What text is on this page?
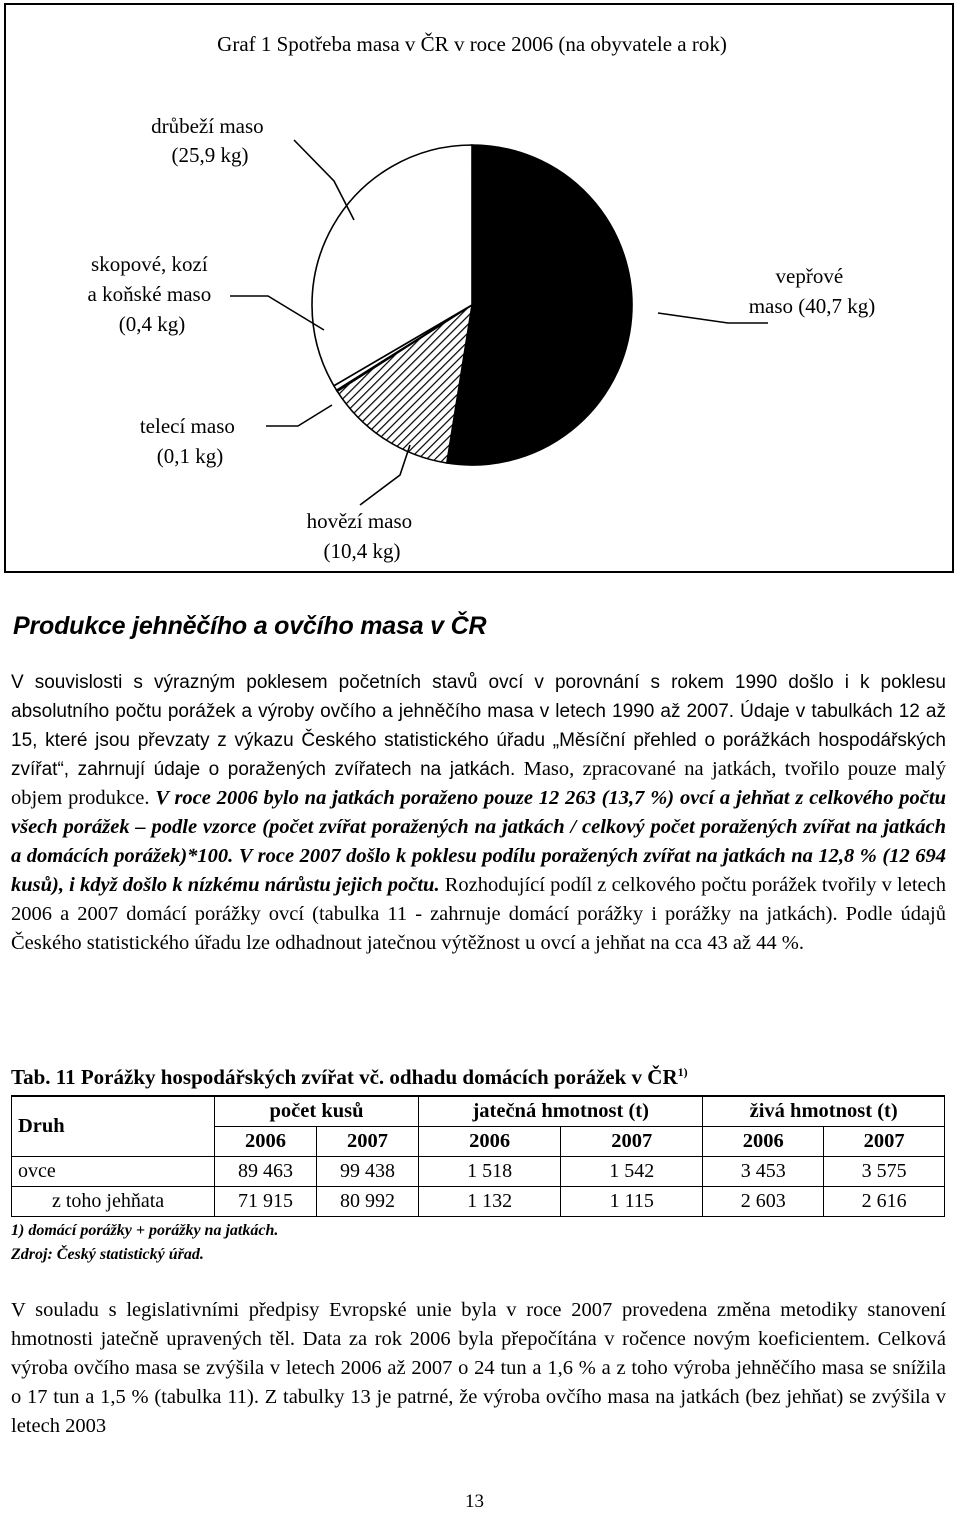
Graf 1 Spotřeba masa v ČR v roce 2006 (na obyvatele a rok)
drůbeží maso (25,9 kg)
skopové, kozí a koňské maso (0,4 kg)
vepřové maso (40,7 kg)
telecí maso (0,1 kg)
hovězí maso (10,4 kg)
Produkce jehněčího a ovčího masa v ČR

V souvislosti s výrazným poklesem početních stavů ovcí v porovnání s rokem 1990 došlo i k poklesu absolutního počtu porážek a výroby ovčího a jehněčího masa v letech 1990 až 2007. Údaje v tabulkách 12 až 15, které jsou převzaty z výkazu Českého statistického úřadu „Měsíční přehled o porážkách hospodářských zvířat“, zahrnují údaje o poražených zvířatech na jatkách. Maso, zpracované na jatkách, tvořilo pouze malý objem produkce. V roce 2006 bylo na jatkách poraženo pouze 12 263 (13,7 %) ovcí a jehňat z celkového počtu všech porážek – podle vzorce (počet zvířat poražených na jatkách / celkový počet poražených zvířat na jatkách a domácích porážek)*100. V roce 2007 došlo k poklesu podílu poražených zvířat na jatkách na 12,8 % (12 694 kusů), i když došlo k nízkému nárůstu jejich počtu. Rozhodující podíl z celkového počtu porážek tvořily v letech 2006 a 2007 domácí porážky ovcí (tabulka 11 - zahrnuje domácí porážky i porážky na jatkách). Podle údajů Českého statistického úřadu lze odhadnout jatečnou výtěžnost u ovcí a jehňat na cca 43 až 44 %.

Tab. 11 Porážky hospodářských zvířat vč. odhadu domácích porážek v ČR$^{1)}$
Druh	počet kusů		jatečná hmotnost (t)		živá hmotnost (t)	
	2006	2007	2006	2007	2006	2007
ovce	89 463	99 438	1 518	1 542	3 453	3 575
z toho jehňata	71 915	80 992	1 132	1 115	2 603	2 616
1) domácí porážky + porážky na jatkách.
Zdroj: Český statistický úřad.

V souladu s legislativními předpisy Evropské unie byla v roce 2007 provedena změna metodiky stanovení hmotnosti jatečně upravených těl. Data za rok 2006 byla přepočítána v ročence novým koeficientem. Celková výroba ovčího masa se zvýšila v letech 2006 až 2007 o 24 tun a 1,6 % a z toho výroba jehněčího masa se snížila o 17 tun a 1,5 % (tabulka 11). Z tabulky 13 je patrné, že výroba ovčího masa na jatkách (bez jehňat) se zvýšila v letech 2003

13
